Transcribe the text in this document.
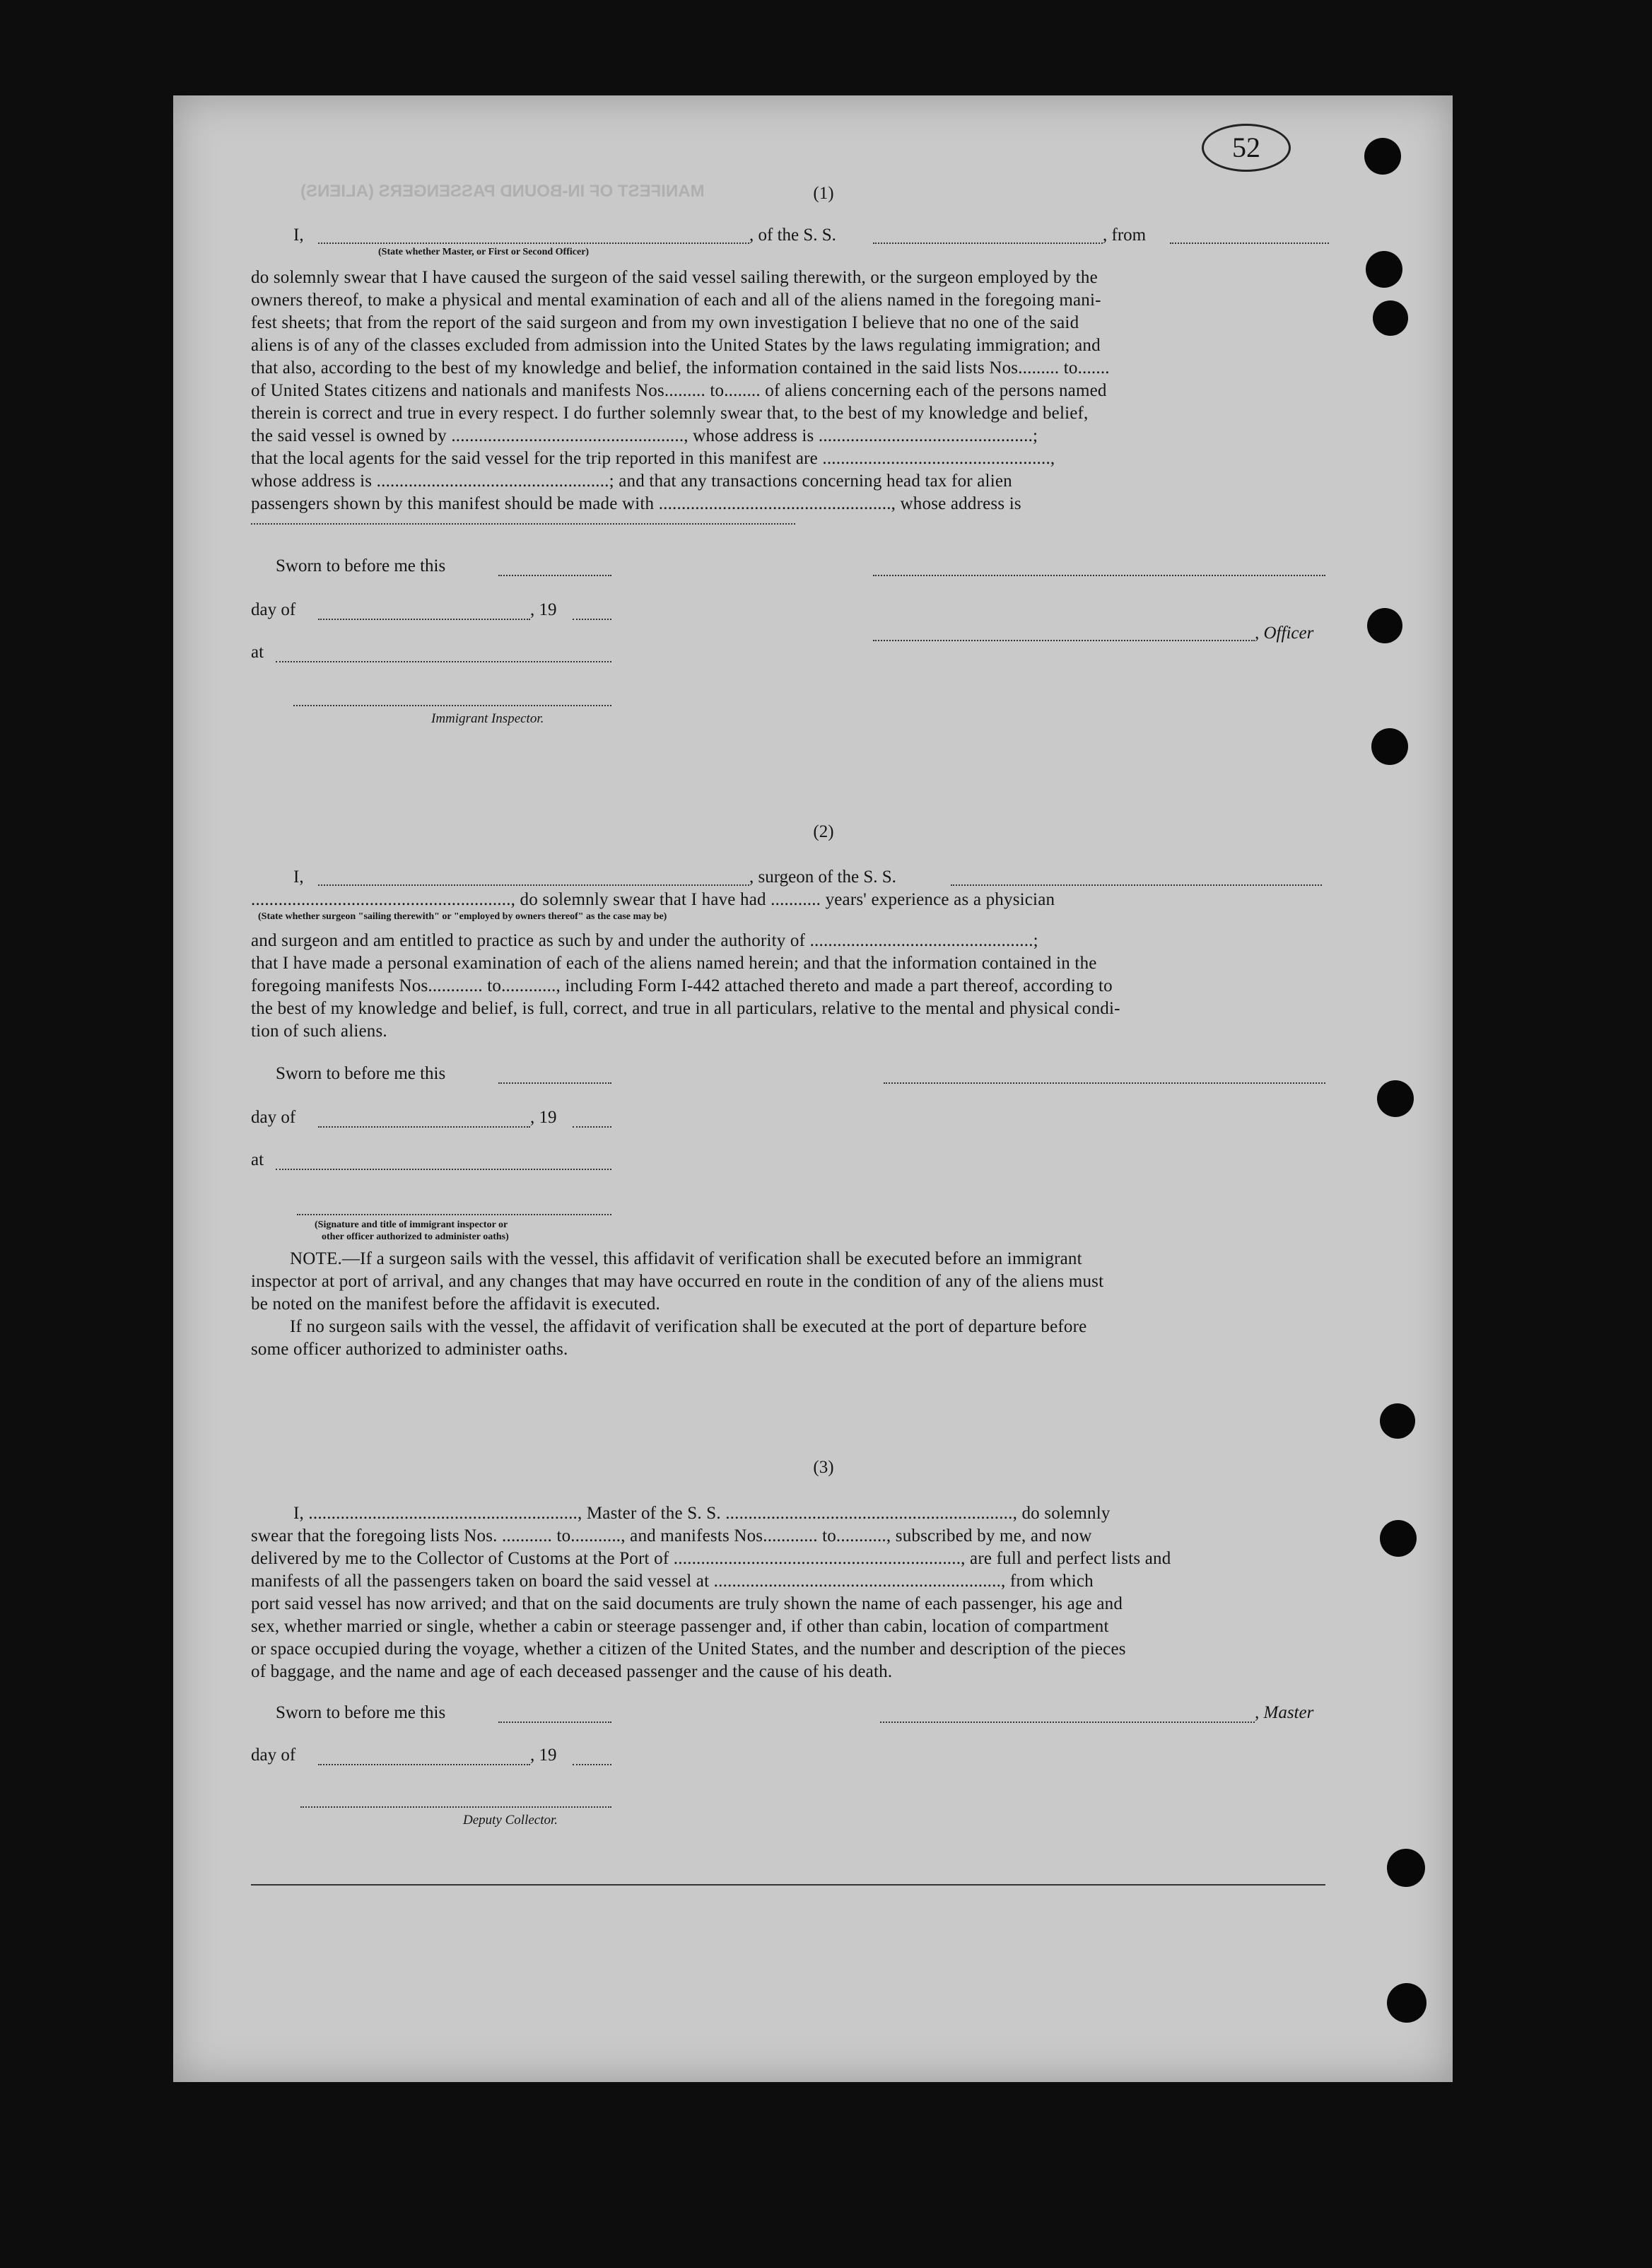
MANIFEST OF IN-BOUND PASSENGERS (ALIENS)
52
(1)
I,	, of the S. S.	, from
(State whether Master, or First or Second Officer)
do solemnly swear that I have caused the surgeon of the said vessel sailing therewith, or the surgeon employed by the
owners thereof, to make a physical and mental examination of each and all of the aliens named in the foregoing mani-
fest sheets; that from the report of the said surgeon and from my own investigation I believe that no one of the said
aliens is of any of the classes excluded from admission into the United States by the laws regulating immigration; and
that also, according to the best of my knowledge and belief, the information contained in the said lists Nos......... to.......
of United States citizens and nationals and manifests Nos......... to........ of aliens concerning each of the persons named
therein is correct and true in every respect. I do further solemnly swear that, to the best of my knowledge and belief,
the said vessel is owned by ..................................................., whose address is ...............................................;
that the local agents for the said vessel for the trip reported in this manifest are ..................................................,
whose address is ...................................................; and that any transactions concerning head tax for alien
passengers shown by this manifest should be made with ..................................................., whose address is
Sworn to before me this
day of	, 19
, Officer
at
Immigrant Inspector.
(2)
I,	, surgeon of the S. S.
........................................................., do solemnly swear that I have had ........... years' experience as a physician
(State whether surgeon "sailing therewith" or "employed by owners thereof" as the case may be)
and surgeon and am entitled to practice as such by and under the authority of .................................................;
that I have made a personal examination of each of the aliens named herein; and that the information contained in the
foregoing manifests Nos............ to............, including Form I-442 attached thereto and made a part thereof, according to
the best of my knowledge and belief, is full, correct, and true in all particulars, relative to the mental and physical condi-
tion of such aliens.
Sworn to before me this
day of	, 19
at
(Signature and title of immigrant inspector or
other officer authorized to administer oaths)
NOTE.—If a surgeon sails with the vessel, this affidavit of verification shall be executed before an immigrant
inspector at port of arrival, and any changes that may have occurred en route in the condition of any of the aliens must
be noted on the manifest before the affidavit is executed.
If no surgeon sails with the vessel, the affidavit of verification shall be executed at the port of departure before
some officer authorized to administer oaths.
(3)
I, ..........................................................., Master of the S. S. ..............................................................., do solemnly
swear that the foregoing lists Nos. ........... to..........., and manifests Nos............ to..........., subscribed by me, and now
delivered by me to the Collector of Customs at the Port of ..............................................................., are full and perfect lists and
manifests of all the passengers taken on board the said vessel at ..............................................................., from which
port said vessel has now arrived; and that on the said documents are truly shown the name of each passenger, his age and
sex, whether married or single, whether a cabin or steerage passenger and, if other than cabin, location of compartment
or space occupied during the voyage, whether a citizen of the United States, and the number and description of the pieces
of baggage, and the name and age of each deceased passenger and the cause of his death.
Sworn to before me this	, Master
day of	, 19
Deputy Collector.
